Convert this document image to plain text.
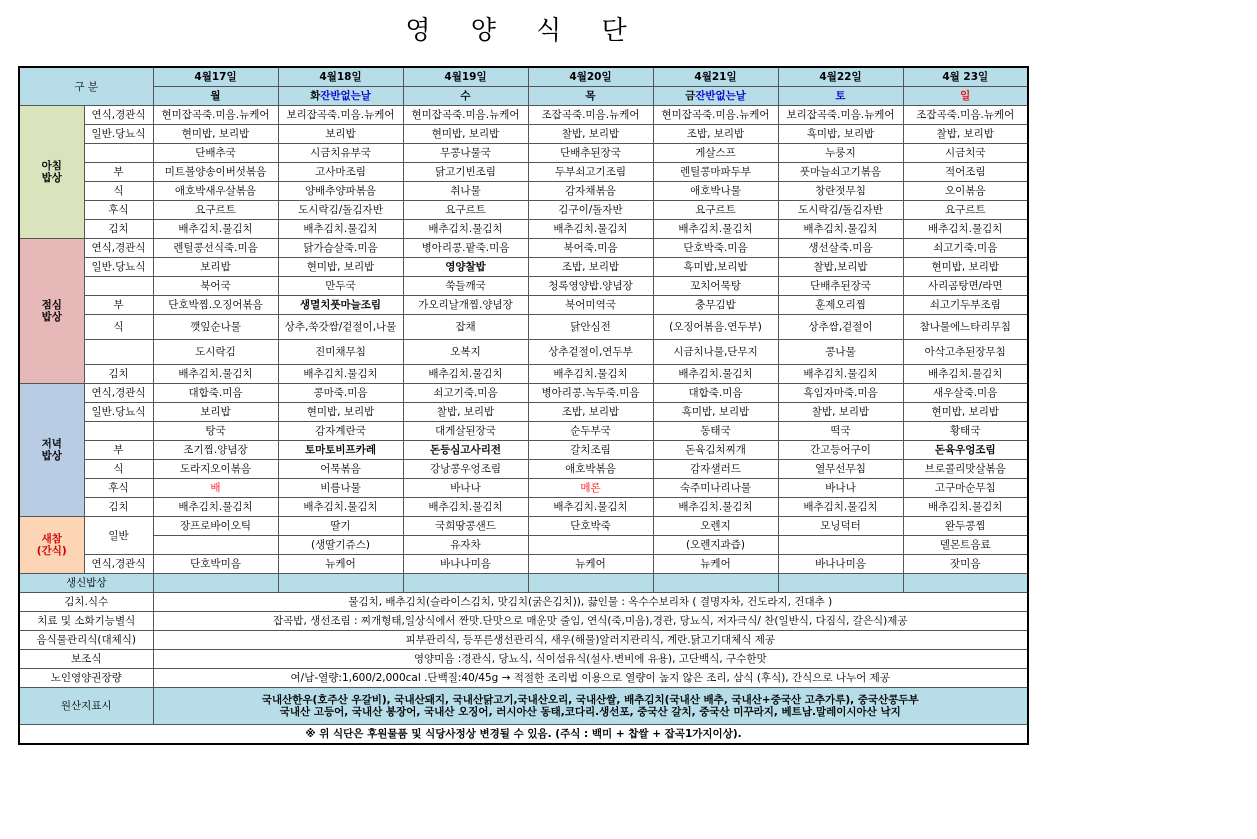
영 양 식 단
구 분		4월17일	4월18일	4월19일	4월20일	4월21일	4월22일	4월 23일
		월	화잔반없는날	수	목	금잔반없는날	토	일

아침
밥상	연식,경관식	현미잡곡죽.미음.뉴케어	보리잡곡죽.미음.뉴케어	현미잡곡죽.미음.뉴케어	조잡곡죽.미음.뉴케어	현미잡곡죽.미음.뉴케어	보리잡곡죽.미음.뉴케어	조잡곡죽.미음.뉴케어
	일반.당뇨식	현미밥, 보리밥	보리밥	현미밥, 보리밥	찰밥, 보리밥	조밥, 보리밥	흑미밥, 보리밥	찰밥, 보리밥
		단배추국	시금치유부국	무콩나물국	단배추된장국	게살스프	누룽지	시금치국
	부	미트볼양송이버섯볶음	고사마조림	닭고기빈조림	두부쇠고기조림	렌틸콩마파두부	풋마늘쇠고기볶음	적어조림
	식	애호박새우살볶음	양배추양파볶음	취나물	감자채볶음	애호박나물	창란젓무침	오이볶음
	후식	요구르트	도시락김/돌김자반	요구르트	김구이/돌자반	요구르트	도시락김/돌김자반	요구르트
	김치	배추김치.물김치	배추김치.물김치	배추김치.물김치	배추김치.물김치	배추김치.물김치	배추김치.물김치	배추김치.물김치

점심
밥상	연식,경관식	렌틸콩선식죽.미음	닭가슴살죽.미음	병아리콩.팥죽.미음	북어죽.미음	단호박죽.미음	생선살죽.미음	쇠고기죽.미음
	일반.당뇨식	보리밥	현미밥, 보리밥	영양찰밥	조밥, 보리밥	흑미밥,보리밥	찰밥,보리밥	현미밥, 보리밥
		북어국	만두국	쑥들깨국	청록영양밥.양념장	꼬치어묵탕	단배추된장국	사리곰탕면/라면
	부	단호박찜.오징어볶음	생멸치풋마늘조림	가오리날개찜.양념장	북어미역국	충무김밥	훈제오리찜	쇠고기두부조림
	식	깻잎순나물	상추,쑥갓쌈/겉절이,나물	잡채	닭안심전	(오징어볶음.연두부)	상추쌈,겉절이	참나물에느타리무침
		도시락김	진미채무침	오복지	상추겉절이,연두부	시금치나물,단무지	콩나물	아삭고추된장무침
	김치	배추김치.물김치	배추김치.물김치	배추김치.물김치	배추김치.물김치	배추김치.물김치	배추김치.물김치	배추김치.물김치

저녁
밥상	연식,경관식	대합죽.미음	콩마죽.미음	쇠고기죽.미음	병아리콩.녹두죽.미음	대합죽.미음	흑임자마죽.미음	새우살죽.미음
	일반.당뇨식	보리밥	현미밥, 보리밥	찰밥, 보리밥	조밥, 보리밥	흑미밥, 보리밥	찰밥, 보리밥	현미밥, 보리밥
		탕국	감자계란국	대게살된장국	순두부국	동태국	떡국	황태국
	부	조기찜.양념장	토마토비프카레	돈등심고사리전	갈치조림	돈육김치찌개	간고등어구이	돈육우엉조림
	식	도라지오이볶음	어묵볶음	강낭콩우엉조림	애호박볶음	감자샐러드	열무선무침	브로콜리맛살볶음
	후식	배	비름나물	바나나	메론	숙주미나리나물	바나나	고구마순무침
	김치	배추김치.물김치	배추김치.물김치	배추김치.물김치	배추김치.물김치	배추김치.물김치	배추김치.물김치	배추김치.물김치

새참
(간식)	일반	장프로바이오틱	딸기	국희땅콩샌드	단호박죽	오렌지	모닝덕터	완두콩찜
			(생딸기쥬스)	유자차		(오렌지과즙)		델몬트음료
	연식,경관식	단호박미음	뉴케어	바나나미음	뉴케어	뉴케어	바나나미음	잣미음
생신밥상								
김치.식수		물김치, 배추김치(슬라이스김치, 맛김치(굵은김치)), 끓인물 : 옥수수보리차 ( 결명자차, 건도라지, 건대추 )						
치료 및 소화기능별식		잡곡밥, 생선조림 : 찌개형태,일상식에서 짠맛.단맛으로 매운맛 줄임, 연식(죽,미음),경관, 당뇨식, 저자극식/ 찬(일반식, 다짐식, 갈은식)제공						
음식물관리식(대체식)		피부관리식, 등푸른생선관리식, 새우(해물)알러지관리식, 계란.닭고기대체식 제공						
보조식		영양미음 :경관식, 당뇨식, 식이섬유식(설사.변비에 유용), 고단백식, 구수한맛						
노인영양권장량		여/남-열량:1,600/2,000cal .단백질:40/45g → 적절한 조리법 이용으로 열량이 높지 않은 조리, 삼식 (후식), 간식으로 나누어 제공						
원산지표시		국내산한우(호주산 우갈비), 국내산돼지, 국내산닭고기,국내산오리, 국내산쌀, 배추김치(국내산 배추, 국내산+중국산 고추가루), 중국산콩두부
국내산 고등어, 국내산 봉장어, 국내산 오징어, 러시아산 동태,코다리.생선포, 중국산 갈치, 중국산 미꾸라지, 베트남.말레이시아산 낙지						

※ 위 식단은 후원물품 및 식당사정상 변경될 수 있음. (주식 : 백미 + 찹쌀 + 잡곡1가지이상).								
